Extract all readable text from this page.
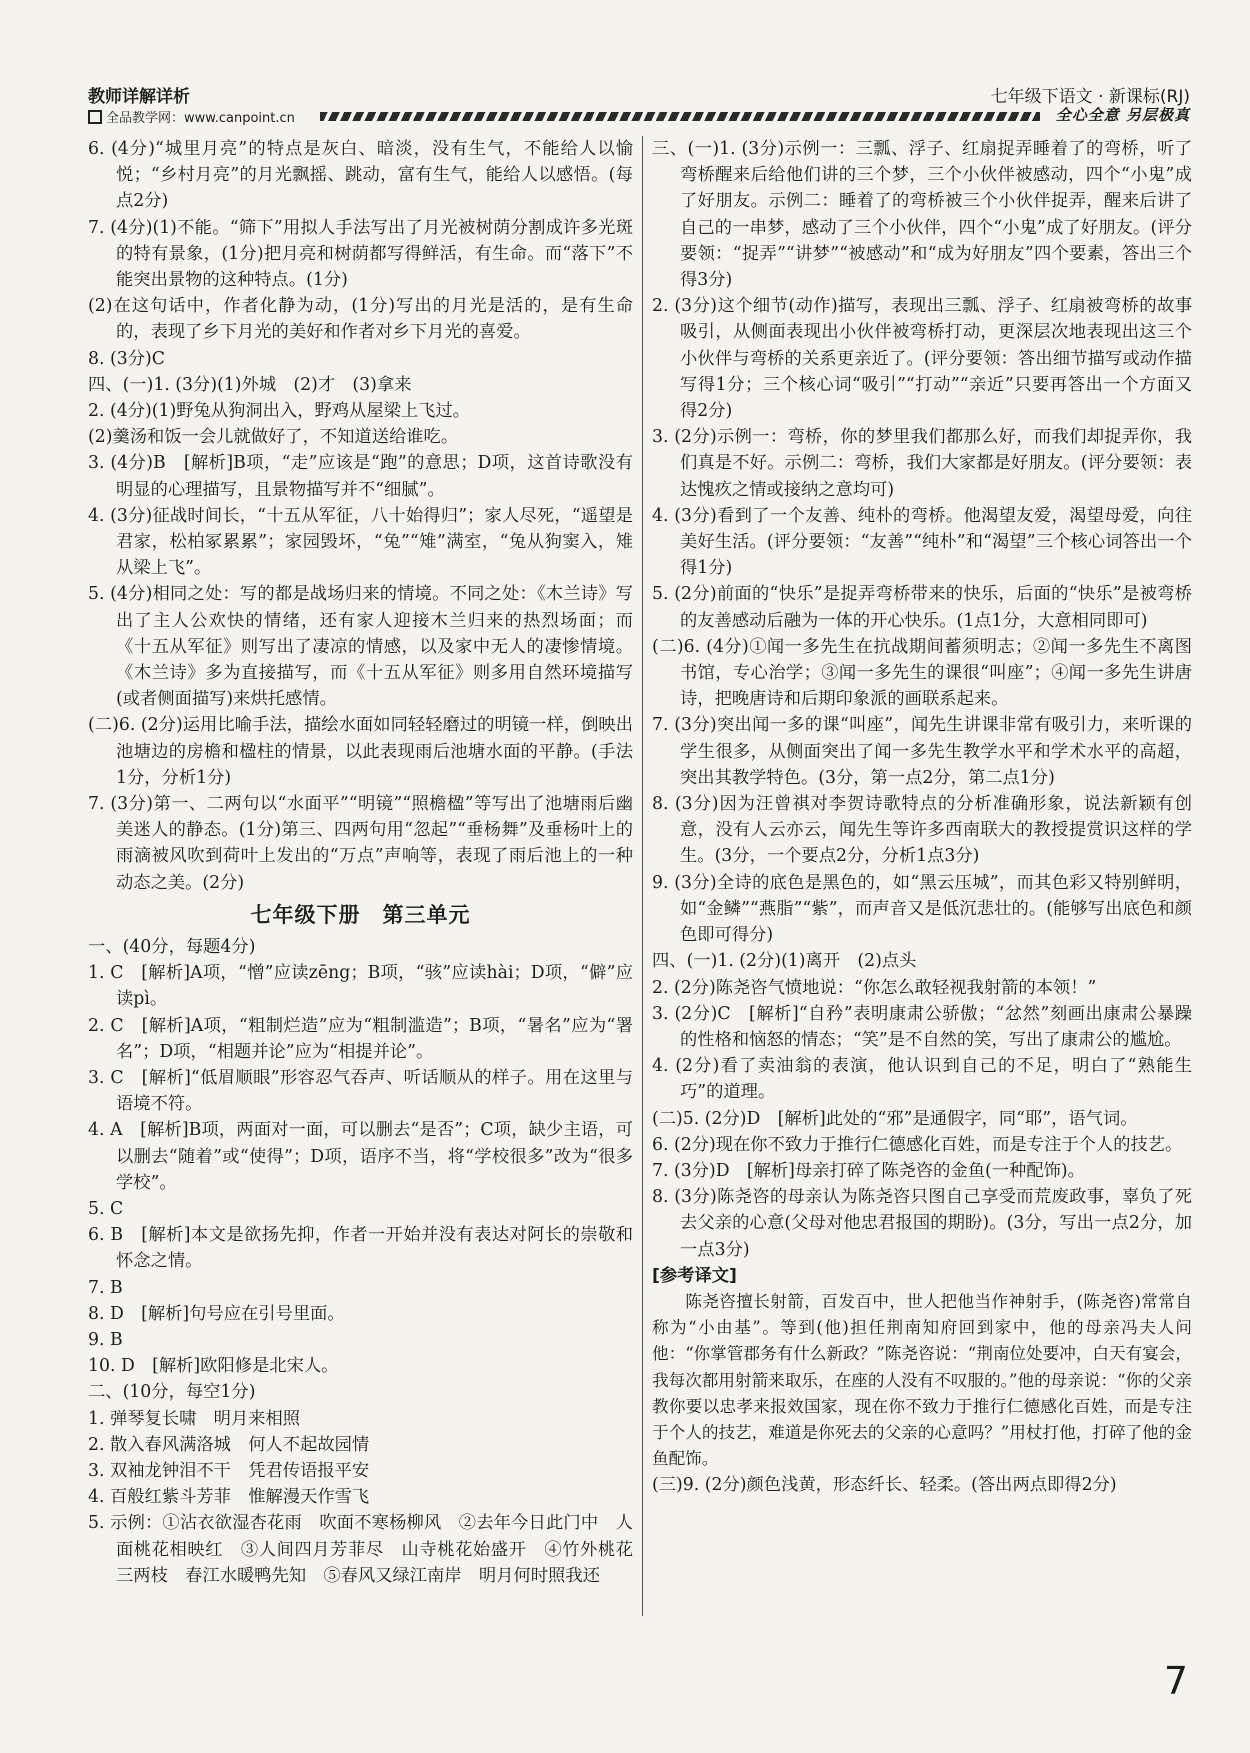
教师详解详析	七年级下语文 · 新课标(RJ)
全品教学网：www.canpoint.cn	全心全意 另层极真
6. (4分)“城里月亮”的特点是灰白、暗淡，没有生气，不能给人以愉悦；“乡村月亮”的月光飘摇、跳动，富有生气，能给人以感悟。(每点2分)
7. (4分)(1)不能。“筛下”用拟人手法写出了月光被树荫分割成许多光斑的特有景象，(1分)把月亮和树荫都写得鲜活，有生命。而“落下”不能突出景物的这种特点。(1分)
(2)在这句话中，作者化静为动，(1分)写出的月光是活的，是有生命的，表现了乡下月光的美好和作者对乡下月光的喜爱。
8. (3分)C
四、(一)1. (3分)(1)外城　(2)才　(3)拿来
2. (4分)(1)野兔从狗洞出入，野鸡从屋梁上飞过。
(2)羹汤和饭一会儿就做好了，不知道送给谁吃。
3. (4分)B　[解析]B项，“走”应该是“跑”的意思；D项，这首诗歌没有明显的心理描写，且景物描写并不“细腻”。
4. (3分)征战时间长，“十五从军征，八十始得归”；家人尽死，“遥望是君家，松柏冢累累”；家园毁坏，“兔”“雉”满室，“兔从狗窦入，雉从梁上飞”。
5. (4分)相同之处：写的都是战场归来的情境。不同之处：《木兰诗》写出了主人公欢快的情绪，还有家人迎接木兰归来的热烈场面；而《十五从军征》则写出了凄凉的情感，以及家中无人的凄惨情境。《木兰诗》多为直接描写，而《十五从军征》则多用自然环境描写(或者侧面描写)来烘托感情。
(二)6. (2分)运用比喻手法，描绘水面如同轻轻磨过的明镜一样，倒映出池塘边的房檐和楹柱的情景，以此表现雨后池塘水面的平静。(手法1分，分析1分)
7. (3分)第一、二两句以“水面平”“明镜”“照檐楹”等写出了池塘雨后幽美迷人的静态。(1分)第三、四两句用“忽起”“垂杨舞”及垂杨叶上的雨滴被风吹到荷叶上发出的“万点”声响等，表现了雨后池上的一种动态之美。(2分)
七年级下册　第三单元
一、(40分，每题4分)
1. C　[解析]A项，“憎”应读zēng；B项，“骇”应读hài；D项，“僻”应读pì。
2. C　[解析]A项，“粗制烂造”应为“粗制滥造”；B项，“暑名”应为“署名”；D项，“相题并论”应为“相提并论”。
3. C　[解析]“低眉顺眼”形容忍气吞声、听话顺从的样子。用在这里与语境不符。
4. A　[解析]B项，两面对一面，可以删去“是否”；C项，缺少主语，可以删去“随着”或“使得”；D项，语序不当，将“学校很多”改为“很多学校”。
5. C
6. B　[解析]本文是欲扬先抑，作者一开始并没有表达对阿长的崇敬和怀念之情。
7. B
8. D　[解析]句号应在引号里面。
9. B
10. D　[解析]欧阳修是北宋人。
二、(10分，每空1分)
1. 弹琴复长啸　明月来相照
2. 散入春风满洛城　何人不起故园情
3. 双袖龙钟泪不干　凭君传语报平安
4. 百般红紫斗芳菲　惟解漫天作雪飞
5. 示例：①沾衣欲湿杏花雨　吹面不寒杨柳风　②去年今日此门中　人面桃花相映红　③人间四月芳菲尽　山寺桃花始盛开　④竹外桃花三两枝　春江水暖鸭先知　⑤春风又绿江南岸　明月何时照我还
三、(一)1. (3分)示例一：三瓢、浮子、红扇捉弄睡着了的弯桥，听了弯桥醒来后给他们讲的三个梦，三个小伙伴被感动，四个“小鬼”成了好朋友。示例二：睡着了的弯桥被三个小伙伴捉弄，醒来后讲了自己的一串梦，感动了三个小伙伴，四个“小鬼”成了好朋友。(评分要领：“捉弄”“讲梦”“被感动”和“成为好朋友”四个要素，答出三个得3分)
2. (3分)这个细节(动作)描写，表现出三瓢、浮子、红扇被弯桥的故事吸引，从侧面表现出小伙伴被弯桥打动，更深层次地表现出这三个小伙伴与弯桥的关系更亲近了。(评分要领：答出细节描写或动作描写得1分；三个核心词“吸引”“打动”“亲近”只要再答出一个方面又得2分)
3. (2分)示例一：弯桥，你的梦里我们都那么好，而我们却捉弄你，我们真是不好。示例二：弯桥，我们大家都是好朋友。(评分要领：表达愧疚之情或接纳之意均可)
4. (3分)看到了一个友善、纯朴的弯桥。他渴望友爱，渴望母爱，向往美好生活。(评分要领：“友善”“纯朴”和“渴望”三个核心词答出一个得1分)
5. (2分)前面的“快乐”是捉弄弯桥带来的快乐，后面的“快乐”是被弯桥的友善感动后融为一体的开心快乐。(1点1分，大意相同即可)
(二)6. (4分)①闻一多先生在抗战期间蓄须明志；②闻一多先生不离图书馆，专心治学；③闻一多先生的课很“叫座”；④闻一多先生讲唐诗，把晚唐诗和后期印象派的画联系起来。
7. (3分)突出闻一多的课“叫座”，闻先生讲课非常有吸引力，来听课的学生很多，从侧面突出了闻一多先生教学水平和学术水平的高超，突出其教学特色。(3分，第一点2分，第二点1分)
8. (3分)因为汪曾祺对李贺诗歌特点的分析准确形象，说法新颖有创意，没有人云亦云，闻先生等许多西南联大的教授提赏识这样的学生。(3分，一个要点2分，分析1点3分)
9. (3分)全诗的底色是黑色的，如“黑云压城”，而其色彩又特别鲜明，如“金鳞”“燕脂”“紫”，而声音又是低沉悲壮的。(能够写出底色和颜色即可得分)
四、(一)1. (2分)(1)离开　(2)点头
2. (2分)陈尧咨气愤地说：“你怎么敢轻视我射箭的本领！”
3. (2分)C　[解析]“自矜”表明康肃公骄傲；“忿然”刻画出康肃公暴躁的性格和恼怒的情态；“笑”是不自然的笑，写出了康肃公的尴尬。
4. (2分)看了卖油翁的表演，他认识到自己的不足，明白了“熟能生巧”的道理。
(二)5. (2分)D　[解析]此处的“邪”是通假字，同“耶”，语气词。
6. (2分)现在你不致力于推行仁德感化百姓，而是专注于个人的技艺。
7. (3分)D　[解析]母亲打碎了陈尧咨的金鱼(一种配饰)。
8. (3分)陈尧咨的母亲认为陈尧咨只图自己享受而荒废政事，辜负了死去父亲的心意(父母对他忠君报国的期盼)。(3分，写出一点2分，加一点3分)
[参考译文]
陈尧咨擅长射箭，百发百中，世人把他当作神射手，(陈尧咨)常常自称为“小由基”。等到(他)担任荆南知府回到家中，他的母亲冯夫人问他：“你掌管郡务有什么新政？”陈尧咨说：“荆南位处要冲，白天有宴会，我每次都用射箭来取乐，在座的人没有不叹服的。”他的母亲说：“你的父亲教你要以忠孝来报效国家，现在你不致力于推行仁德感化百姓，而是专注于个人的技艺，难道是你死去的父亲的心意吗？”用杖打他，打碎了他的金鱼配饰。
(三)9. (2分)颜色浅黄，形态纤长、轻柔。(答出两点即得2分)
7
